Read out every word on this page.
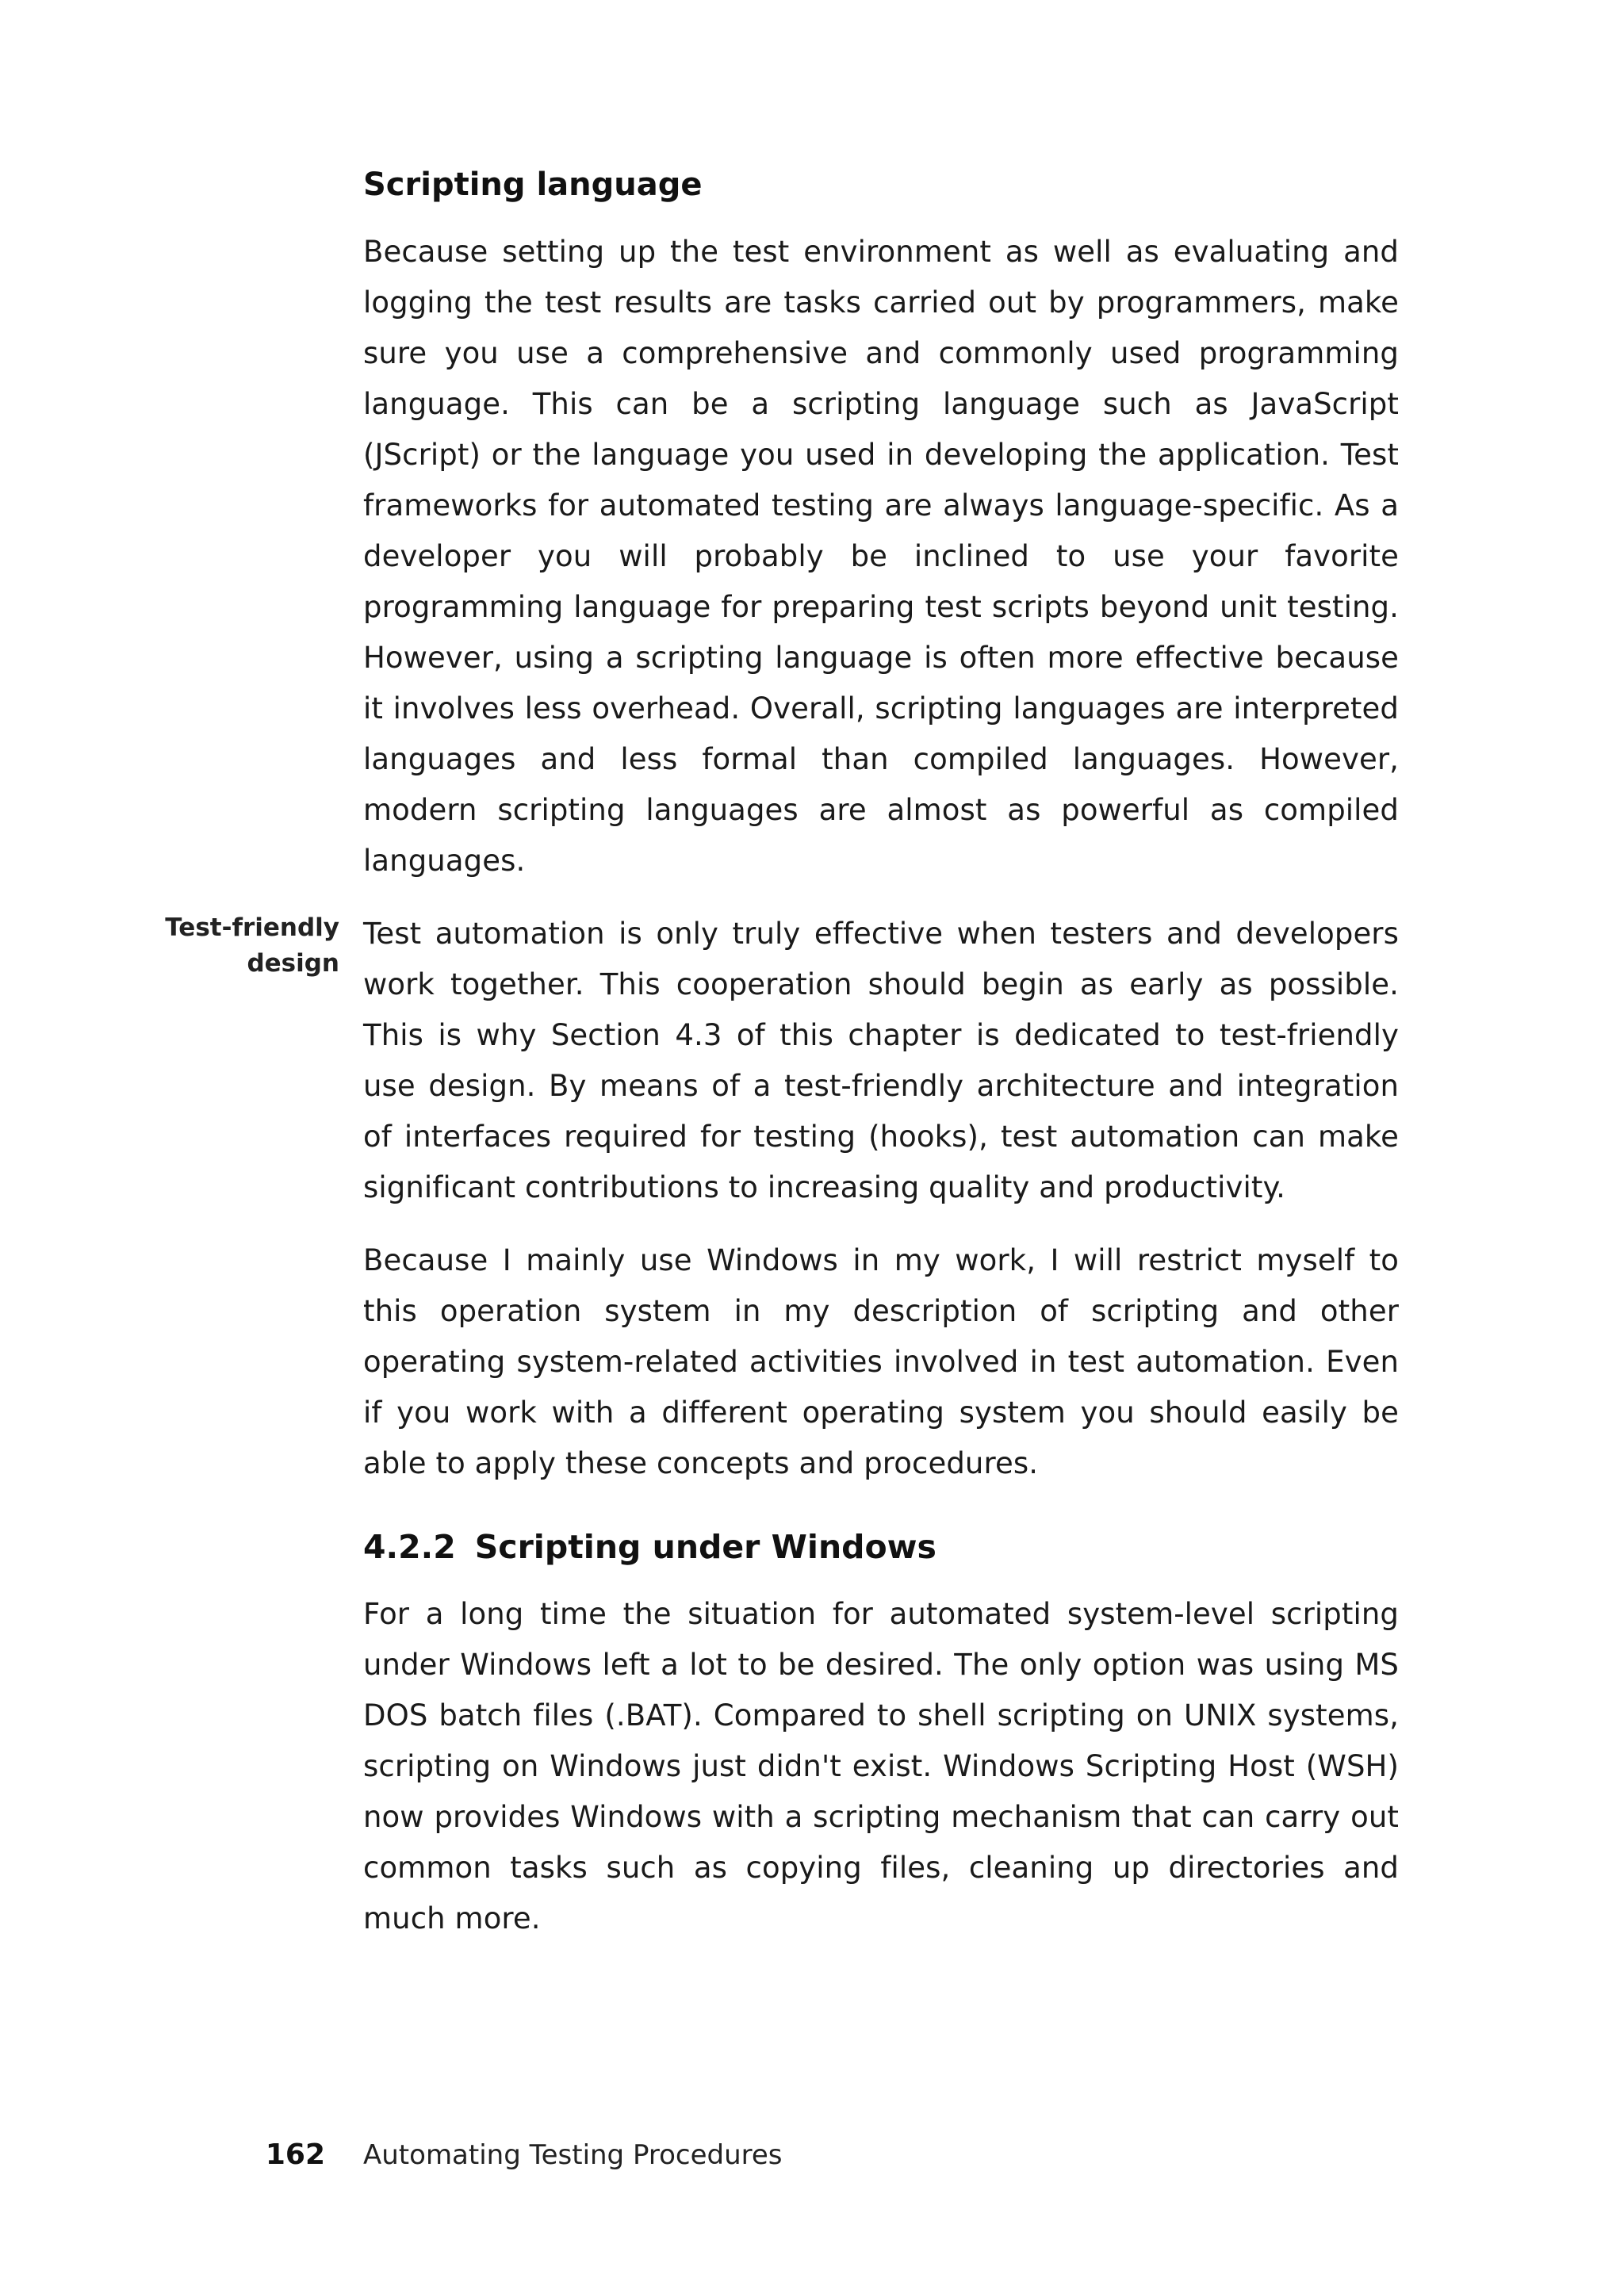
Scripting language

Because setting up the test environment as well as evaluating and logging the test results are tasks carried out by programmers, make sure you use a comprehensive and commonly used programming language. This can be a scripting language such as JavaScript (JScript) or the language you used in developing the application. Test frameworks for automated testing are always language-specific. As a developer you will probably be inclined to use your favorite programming language for preparing test scripts beyond unit testing. However, using a scripting language is often more effective because it involves less overhead. Overall, scripting languages are interpreted languages and less formal than compiled languages. However, modern scripting languages are almost as powerful as compiled languages.

Test-friendly design

Test automation is only truly effective when testers and developers work together. This cooperation should begin as early as possible. This is why Section 4.3 of this chapter is dedicated to test-friendly use design. By means of a test-friendly architecture and integration of interfaces required for testing (hooks), test automation can make significant contributions to increasing quality and productivity.

Because I mainly use Windows in my work, I will restrict myself to this operation system in my description of scripting and other operating system-related activities involved in test automation. Even if you work with a different operating system you should easily be able to apply these concepts and procedures.

4.2.2 Scripting under Windows

For a long time the situation for automated system-level scripting under Windows left a lot to be desired. The only option was using MS DOS batch files (.BAT). Compared to shell scripting on UNIX systems, scripting on Windows just didn't exist. Windows Scripting Host (WSH) now provides Windows with a scripting mechanism that can carry out common tasks such as copying files, cleaning up directories and much more.

162 Automating Testing Procedures
